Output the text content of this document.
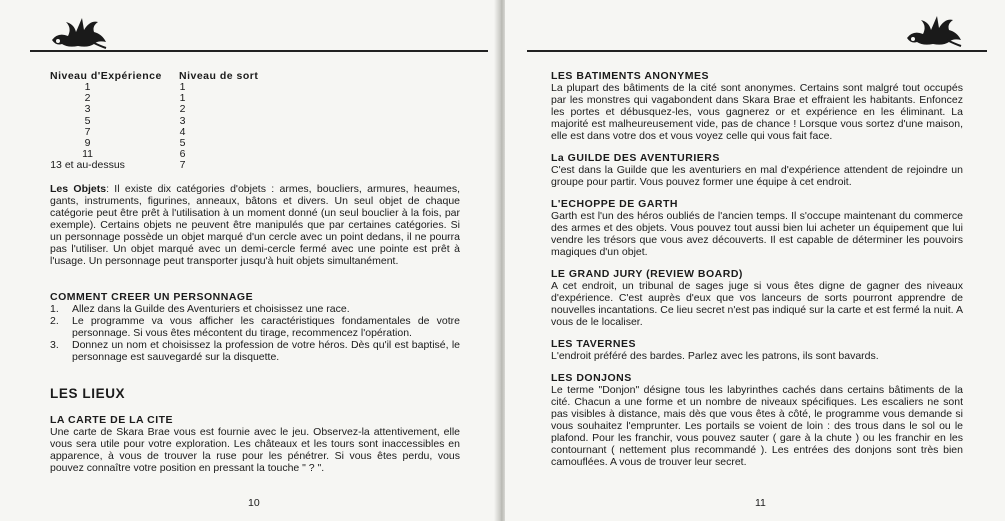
Niveau d'Expérience Niveau de sort
1	1
2	1
3	2
5	3
7	4
9	5
11	6
13 et au-dessus	7
Les Objets: Il existe dix catégories d'objets : armes, boucliers, armures, heaumes, gants, instruments, figurines, anneaux, bâtons et divers. Un seul objet de chaque catégorie peut être prêt à l'utilisation à un moment donné (un seul bouclier à la fois, par exemple). Certains objets ne peuvent être manipulés que par certaines catégories. Si un personnage possède un objet marqué d'un cercle avec un point dedans, il ne pourra pas l'utiliser. Un objet marqué avec un demi-cercle fermé avec une pointe est prêt à l'usage. Un personnage peut transporter jusqu'à huit objets simultanément.
COMMENT CREER UN PERSONNAGE
1.	Allez dans la Guilde des Aventuriers et choisissez une race.
2.	Le programme va vous afficher les caractéristiques fondamentales de votre personnage. Si vous êtes mécontent du tirage, recommencez l'opération.
3.	Donnez un nom et choisissez la profession de votre héros. Dès qu'il est baptisé, le personnage est sauvegardé sur la disquette.
LES LIEUX
LA CARTE DE LA CITE
Une carte de Skara Brae vous est fournie avec le jeu. Observez-la attentivement, elle vous sera utile pour votre exploration. Les châteaux et les tours sont inaccessibles en apparence, à vous de trouver la ruse pour les pénétrer. Si vous êtes perdu, vous pouvez connaître votre position en pressant la touche " ? ".
10
LES BATIMENTS ANONYMES
La plupart des bâtiments de la cité sont anonymes. Certains sont malgré tout occupés par les monstres qui vagabondent dans Skara Brae et effraient les habitants. Enfoncez les portes et débusquez-les, vous gagnerez or et expérience en les éliminant. La majorité est malheureusement vide, pas de chance ! Lorsque vous sortez d'une maison, elle est dans votre dos et vous voyez celle qui vous fait face.
La GUILDE DES AVENTURIERS
C'est dans la Guilde que les aventuriers en mal d'expérience attendent de rejoindre un groupe pour partir. Vous pouvez former une équipe à cet endroit.
L'ECHOPPE DE GARTH
Garth est l'un des héros oubliés de l'ancien temps. Il s'occupe maintenant du commerce des armes et des objets. Vous pouvez tout aussi bien lui acheter un équipement que lui vendre les trésors que vous avez découverts. Il est capable de déterminer les pouvoirs magiques d'un objet.
LE GRAND JURY (REVIEW BOARD)
A cet endroit, un tribunal de sages juge si vous êtes digne de gagner des niveaux d'expérience. C'est auprès d'eux que vos lanceurs de sorts pourront apprendre de nouvelles incantations. Ce lieu secret n'est pas indiqué sur la carte et est fermé la nuit. A vous de le localiser.
LES TAVERNES
L'endroit préféré des bardes. Parlez avec les patrons, ils sont bavards.
LES DONJONS
Le terme "Donjon" désigne tous les labyrinthes cachés dans certains bâtiments de la cité. Chacun a une forme et un nombre de niveaux spécifiques. Les escaliers ne sont pas visibles à distance, mais dès que vous êtes à côté, le programme vous demande si vous souhaitez l'emprunter. Les portails se voient de loin : des trous dans le sol ou le plafond. Pour les franchir, vous pouvez sauter ( gare à la chute ) ou les franchir en les contournant ( nettement plus recommandé ). Les entrées des donjons sont très bien camouflées. A vous de trouver leur secret.
11
